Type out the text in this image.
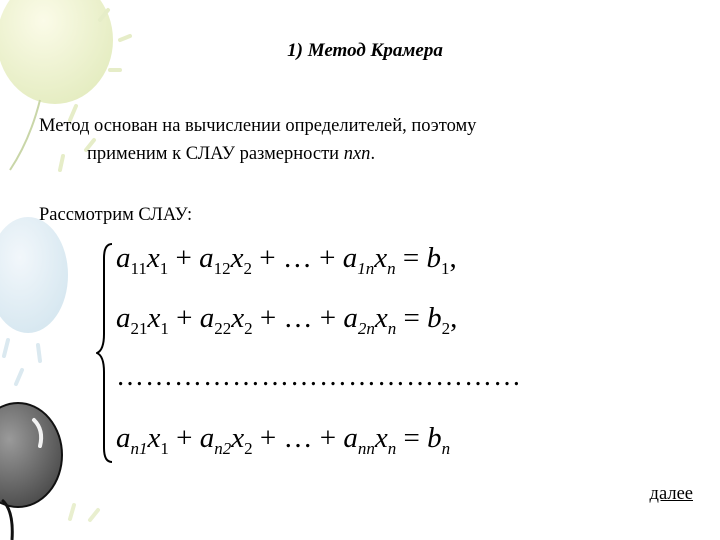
1) Метод Крамера
Метод основан на вычислении определителей, поэтому
применим к СЛАУ размерности nxn.
Рассмотрим СЛАУ:
$a_{11}x_1 + a_{12}x_2$ + … + $a_{1n}x_n = b_1$,
$a_{21}x_1 + a_{22}x_2$ + … + $a_{2n}x_n = b_2$,
……………………………………
$a_{n1}x_1 + a_{n2}x_2$ + … + $a_{nn}x_n = b_n$
далее
